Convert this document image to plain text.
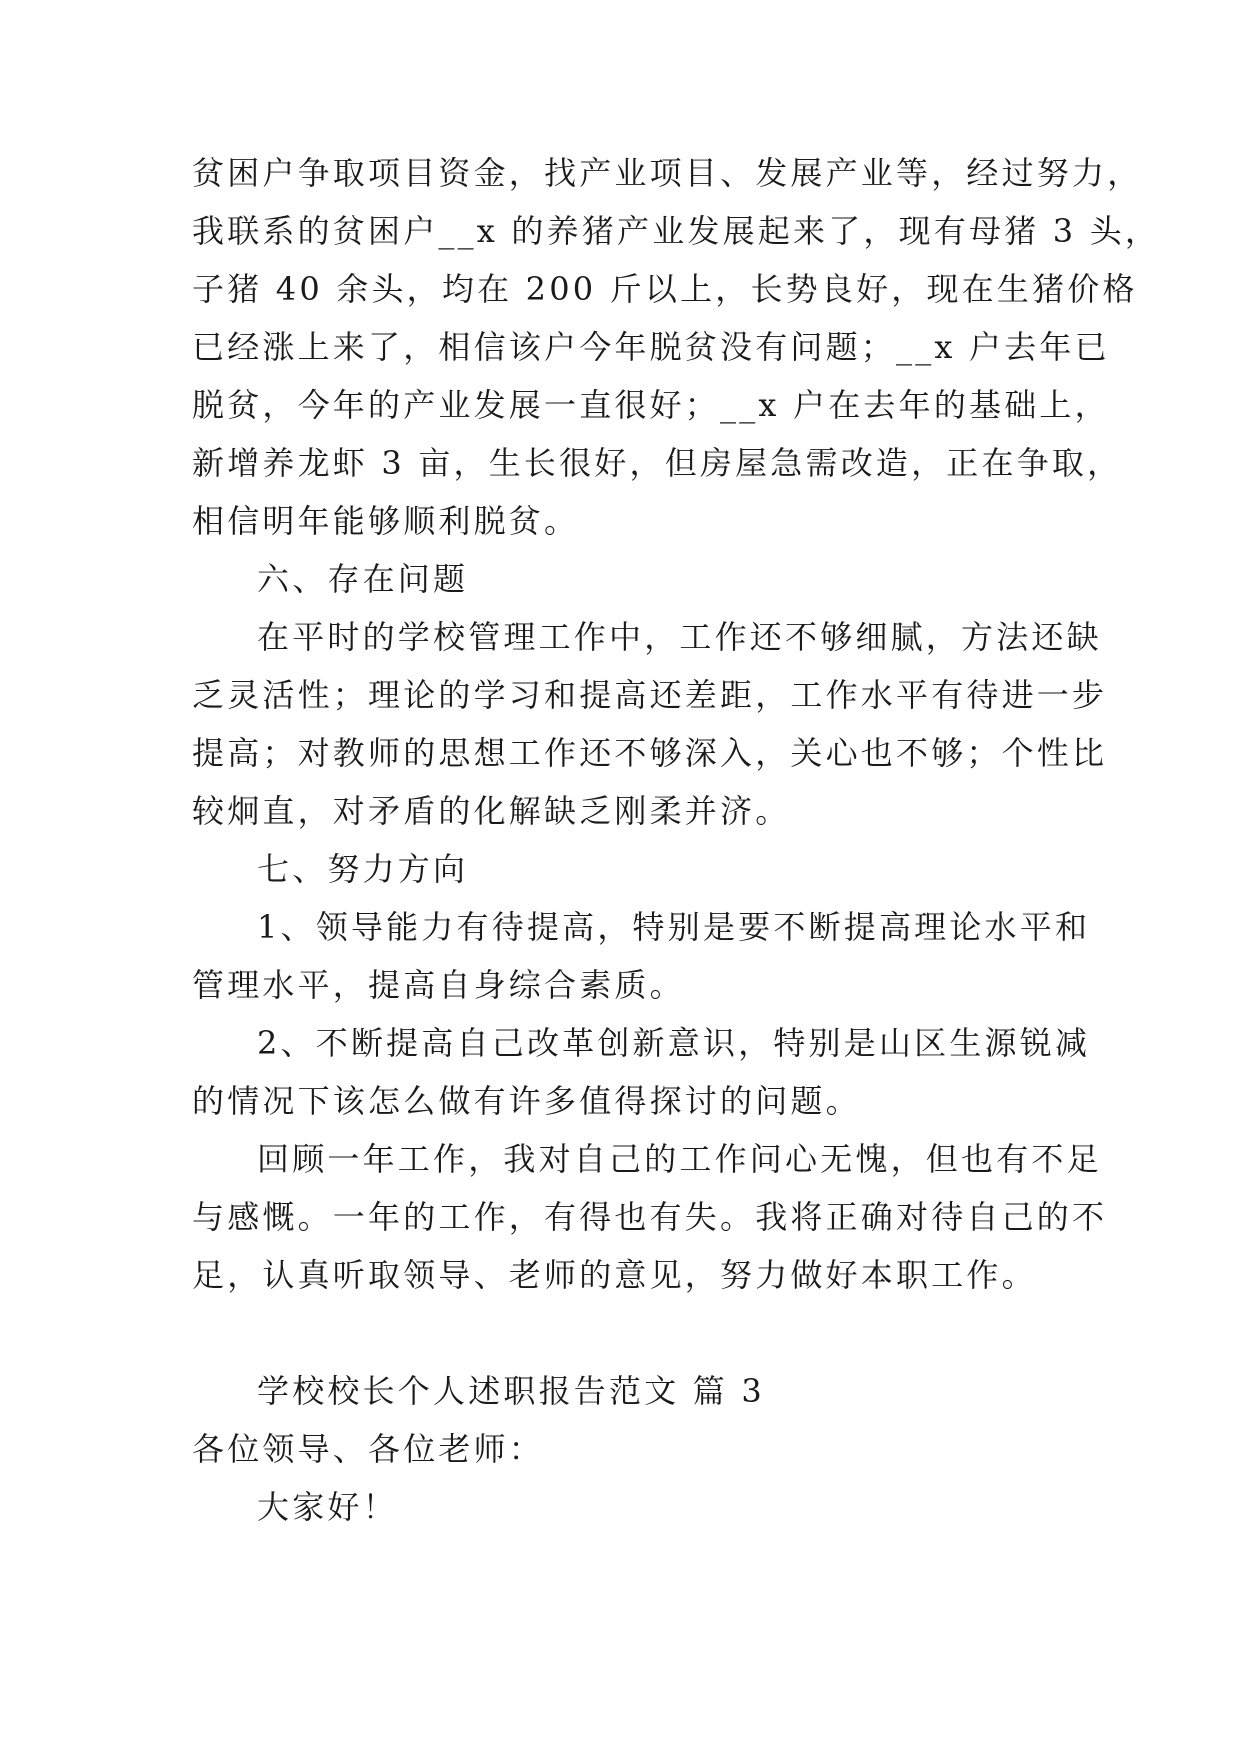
贫困户争取项目资金，找产业项目、发展产业等，经过努力，
我联系的贫困户__x 的养猪产业发展起来了，现有母猪 3 头，
子猪 40 余头，均在 200 斤以上，长势良好，现在生猪价格
已经涨上来了，相信该户今年脱贫没有问题；__x 户去年已
脱贫，今年的产业发展一直很好；__x 户在去年的基础上，
新增养龙虾 3 亩，生长很好，但房屋急需改造，正在争取，
相信明年能够顺利脱贫。
六、存在问题
在平时的学校管理工作中，工作还不够细腻，方法还缺
乏灵活性；理论的学习和提高还差距，工作水平有待进一步
提高；对教师的思想工作还不够深入，关心也不够；个性比
较炯直，对矛盾的化解缺乏刚柔并济。
七、努力方向
1、领导能力有待提高，特别是要不断提高理论水平和
管理水平，提高自身综合素质。
2、不断提高自己改革创新意识，特别是山区生源锐减
的情况下该怎么做有许多值得探讨的问题。
回顾一年工作，我对自己的工作问心无愧，但也有不足
与感慨。一年的工作，有得也有失。我将正确对待自己的不
足，认真听取领导、老师的意见，努力做好本职工作。
学校校长个人述职报告范文 篇 3
各位领导、各位老师：
大家好！
